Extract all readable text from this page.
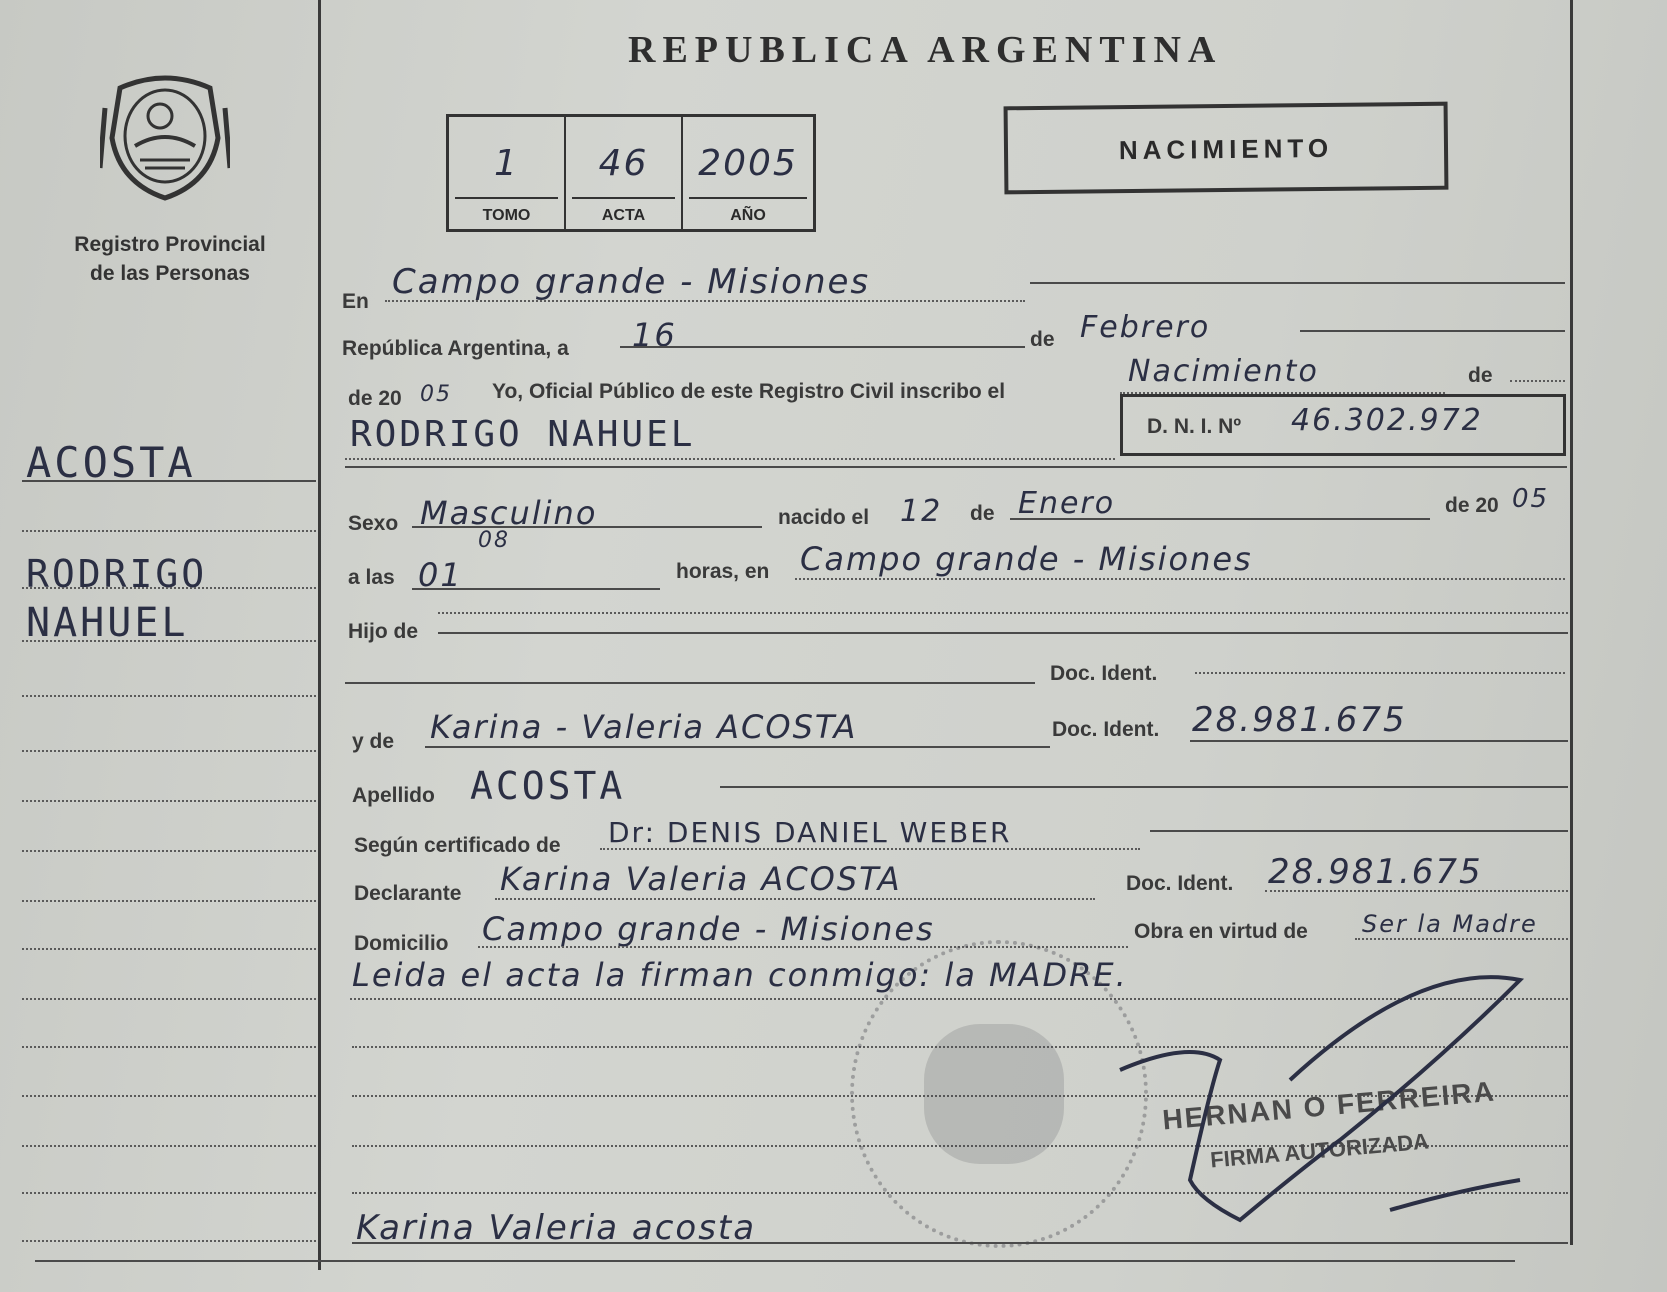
Registro Provincial
de las Personas
ACOSTA
RODRIGO
NAHUEL
REPUBLICA ARGENTINA
1
TOMO
46
ACTA
2005
AÑO
NACIMIENTO
En Campo grande - Misiones
República Argentina, a 16	de Febrero
de 20 05 Yo, Oficial Público de este Registro Civil inscribo el
Nacimiento	de
RODRIGO NAHUEL	D. N. I. Nº 46.302.972
Sexo Masculino	nacido el 12 de Enero	de 20 05
a las 01
08
horas, en Campo grande - Misiones
Hijo de
Doc. Ident.
y de Karina - Valeria ACOSTA	Doc. Ident. 28.981.675
Apellido ACOSTA
Según certificado de Dr: DENIS DANIEL WEBER
Declarante Karina Valeria ACOSTA	Doc. Ident. 28.981.675
Domicilio Campo grande - Misiones	Obra en virtud de Ser la Madre
Leida el acta la firman conmigo: la MADRE.
HERNAN O FERREIRA
FIRMA AUTORIZADA
Karina Valeria acosta
